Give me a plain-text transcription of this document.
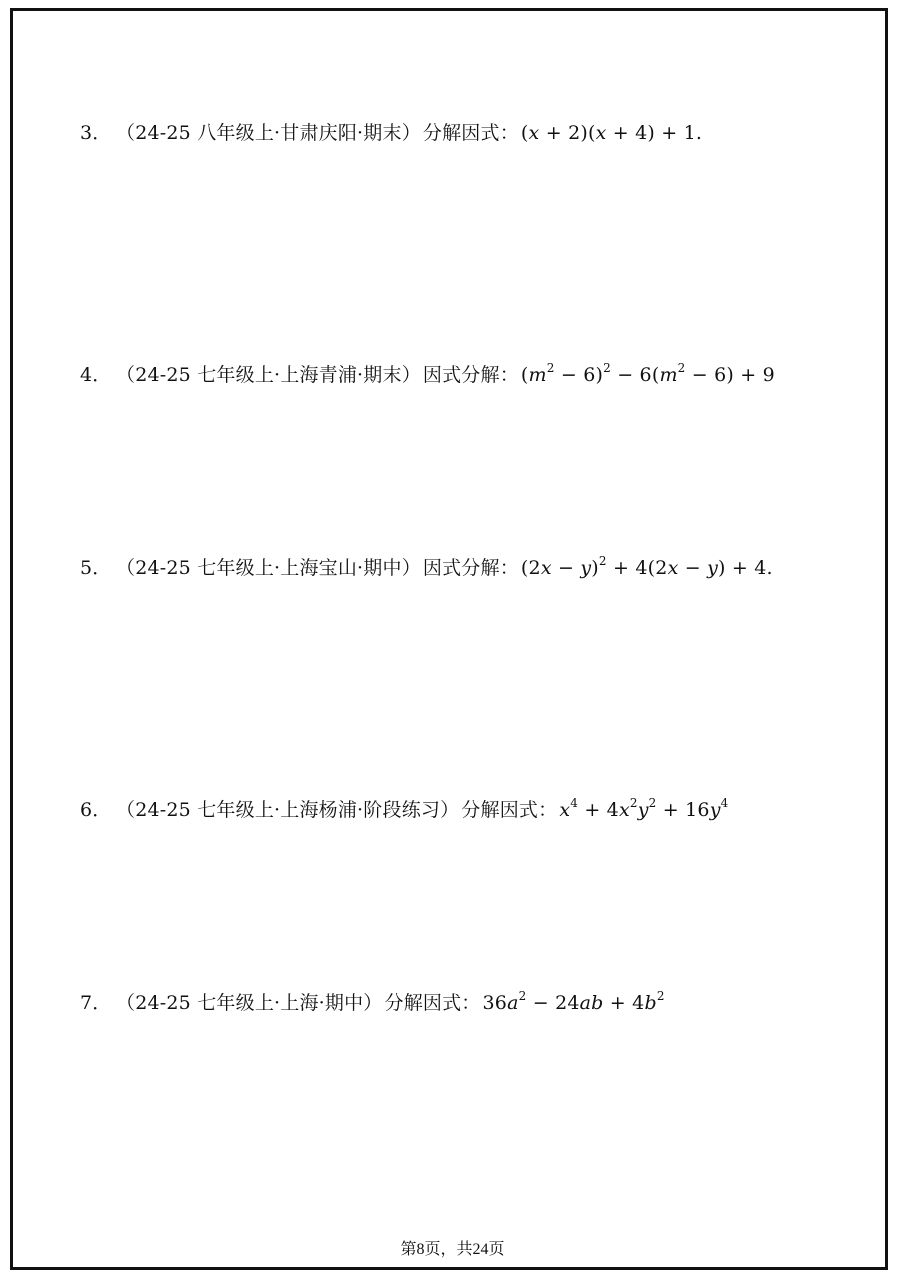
3． （24-25 八年级上·甘肃庆阳·期末） 分解因式： (x + 2)(x + 4) + 1.
4． （24-25 七年级上·上海青浦·期末） 因式分解： $(m^2 - 6)^2 - 6(m^2 - 6) + 9$
5． （24-25 七年级上·上海宝山·期中） 因式分解： $(2x - y)^2 + 4(2x - y) + 4$.
6． （24-25 七年级上·上海杨浦·阶段练习） 分解因式： $x^4 + 4x^2y^2 + 16y^4$
7． （24-25 七年级上·上海·期中） 分解因式： $36a^2 - 24ab + 4b^2$
第8页，共24页
